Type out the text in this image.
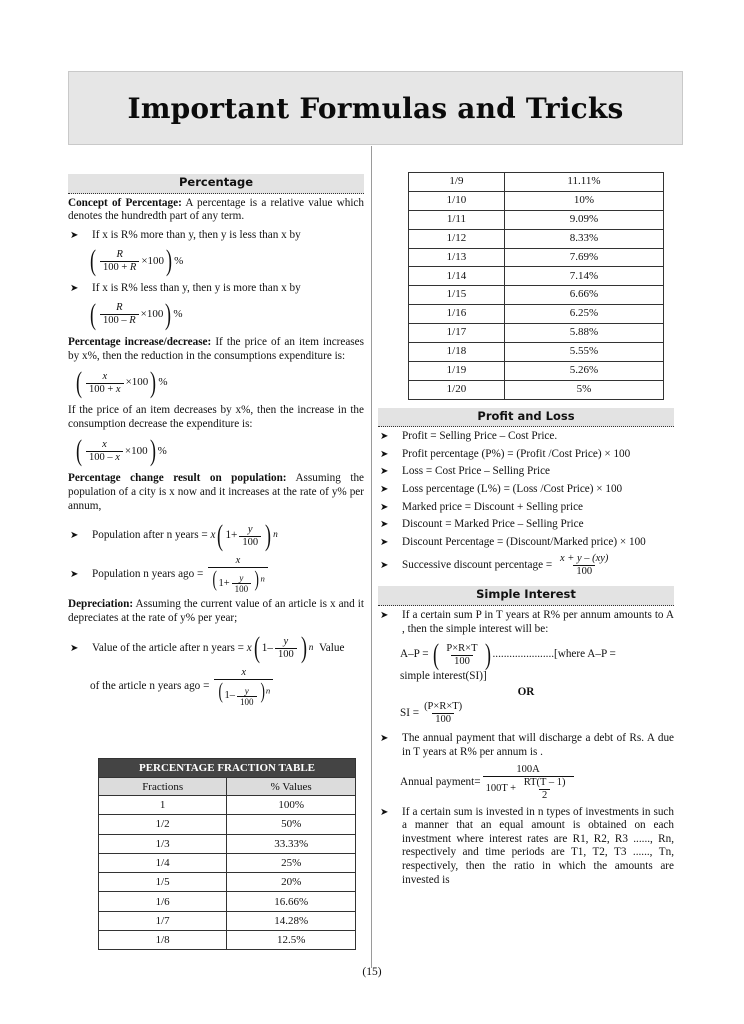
Important Formulas and Tricks
Percentage

Concept of Percentage: A percentage is a relative value which denotes the hundredth part of any term.

➤	If x is R% more than y, then y is less than x by
( $\frac{R}{100 + R} \times 100$ ) %
➤	If x is R% less than y, then y is more than x by
( $\frac{R}{100 - R} \times 100$ ) %

Percentage increase/decrease: If the price of an item increases by x%, then the reduction in the consumptions expenditure is:

( $\frac{x}{100 + x} \times 100$ ) %

If the price of an item decreases by x%, then the increase in the consumption decrease the expenditure is:

( $\frac{x}{100 - x} \times 100$ ) %

Percentage change result on population: Assuming the population of a city is x now and it increases at the rate of y% per annum,

➤	Population after n years =
x ( $1+ \frac{y}{100}$ ) n
➤	Population n years ago =
$\frac{x}{(1+ \frac{y}{100} )^n}$

Depreciation: Assuming the current value of an article is x and it depreciates at the rate of y% per year;

➤	Value of the article after n years =
x ( $1- \frac{y}{100}$ ) n
Value
of the article n years ago =
$\frac{x}{(1- \frac{y}{100} )^n}$
PERCENTAGE FRACTION TABLE	
Fractions	% Values
1	100%
1/2	50%
1/3	33.33%
1/4	25%
1/5	20%
1/6	16.66%
1/7	14.28%
1/8	12.5%
1/9	11.11%
1/10	10%
1/11	9.09%
1/12	8.33%
1/13	7.69%
1/14	7.14%
1/15	6.66%
1/16	6.25%
1/17	5.88%
1/18	5.55%
1/19	5.26%
1/20	5%
Profit and Loss
➤	Profit = Selling Price – Cost Price.
➤	Profit percentage (P%) = (Profit /Cost Price) × 100
➤	Loss = Cost Price – Selling Price
➤	Loss percentage (L%) = (Loss /Cost Price) × 100
➤	Marked price = Discount + Selling price
➤	Discount = Marked Price – Selling Price
➤	Discount Percentage = (Discount/Marked price) × 100
➤	Successive discount percentage =
$\frac{x + y - (xy)}{100}$
Simple Interest
➤	If a certain sum P in T years at R% per annum amounts to A , then the simple interest will be:
A–P =
( $\frac{P\times R\times T}{100}$ ) ......................[where A–P =

simple interest(SI)]

OR

SI = $\frac{(P\times R\times T)}{100}$
➤	The annual payment that will discharge a debt of Rs. A due in T years at R% per annum is .
Annual payment= $\frac{100A}{100T + \frac{RT(T - 1)}{2}}$
➤	If a certain sum is invested in n types of investments in such a manner that an equal amount is obtained on each investment where interest rates are R1, R2, R3 ......, Rn, respectively and time periods are T1, T2, T3 ......, Tn, respectively, then the ratio in which the amounts are invested is
(15)
